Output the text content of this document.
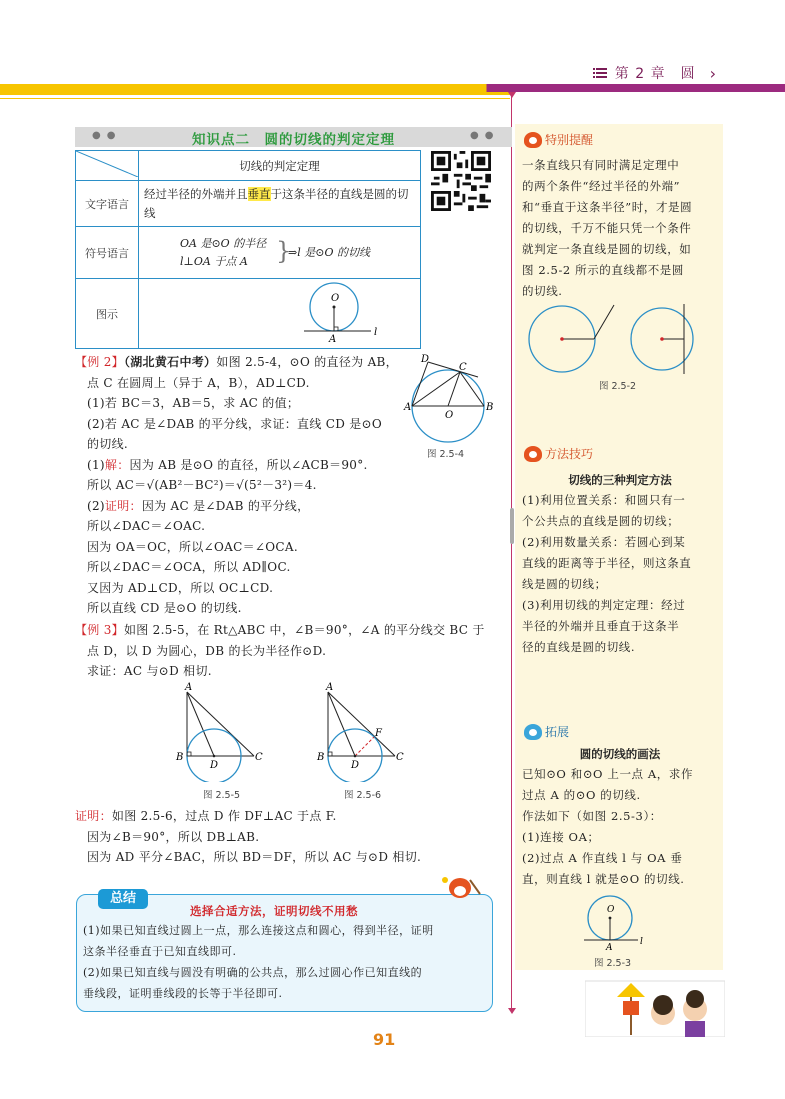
第 2 章　圆 ›
●●	●●
知识点二　圆的切线的判定定理
	切线的判定定理
文字语言	经过半径的外端并且垂直于这条半径的直线是圆的切线
符号语言	OA 是⊙O 的半径
l⊥OA 于点 A }
⇒l 是⊙O 的切线

图示	O
A
l
【例 2】（湖北黄石中考）如图 2.5-4，⊙O 的直径为 AB，
点 C 在圆周上（异于 A，B），AD⊥CD.
(1)若 BC＝3，AB＝5，求 AC 的值；
(2)若 AC 是∠DAB 的平分线，求证：直线 CD 是⊙O
的切线.
(1)解：因为 AB 是⊙O 的直径，所以∠ACB＝90°.
所以 AC＝√(AB²－BC²)＝√(5²－3²)＝4.
(2)证明：因为 AC 是∠DAB 的平分线，
所以∠DAC＝∠OAC.
因为 OA＝OC，所以∠OAC＝∠OCA.
所以∠DAC＝∠OCA，所以 AD∥OC.
又因为 AD⊥CD，所以 OC⊥CD.
所以直线 CD 是⊙O 的切线.
D
C
A	B
O
图 2.5-4
【例 3】如图 2.5-5，在 Rt△ABC 中，∠B＝90°，∠A 的平分线交 BC 于
点 D，以 D 为圆心，DB 的长为半径作⊙D.
求证：AC 与⊙D 相切.
A
B
D
C
图 2.5-5
A
B
D
C
F
图 2.5-6
证明：如图 2.5-6，过点 D 作 DF⊥AC 于点 F.
因为∠B＝90°，所以 DB⊥AB.
因为 AD 平分∠BAC，所以 BD＝DF，所以 AC 与⊙D 相切.
总结
选择合适方法，证明切线不用愁
(1)如果已知直线过圆上一点，那么连接这点和圆心，得到半径，证明
这条半径垂直于已知直线即可.
(2)如果已知直线与圆没有明确的公共点，那么过圆心作已知直线的
垂线段，证明垂线段的长等于半径即可.
特别提醒
一条直线只有同时满足定理中
的两个条件“经过半径的外端”
和“垂直于这条半径”时，才是圆
的切线，千万不能只凭一个条件
就判定一条直线是圆的切线，如
图 2.5-2 所示的直线都不是圆
的切线.
图 2.5-2
方法技巧
切线的三种判定方法
(1)利用位置关系：和圆只有一
个公共点的直线是圆的切线；
(2)利用数量关系：若圆心到某
直线的距离等于半径，则这条直
线是圆的切线；
(3)利用切线的判定定理：经过
半径的外端并且垂直于这条半
径的直线是圆的切线.
拓展
圆的切线的画法
已知⊙O 和⊙O 上一点 A，求作
过点 A 的⊙O 的切线.
作法如下（如图 2.5-3）：
(1)连接 OA；
(2)过点 A 作直线 l 与 OA 垂
直，则直线 l 就是⊙O 的切线.
O
A
l
图 2.5-3
91
